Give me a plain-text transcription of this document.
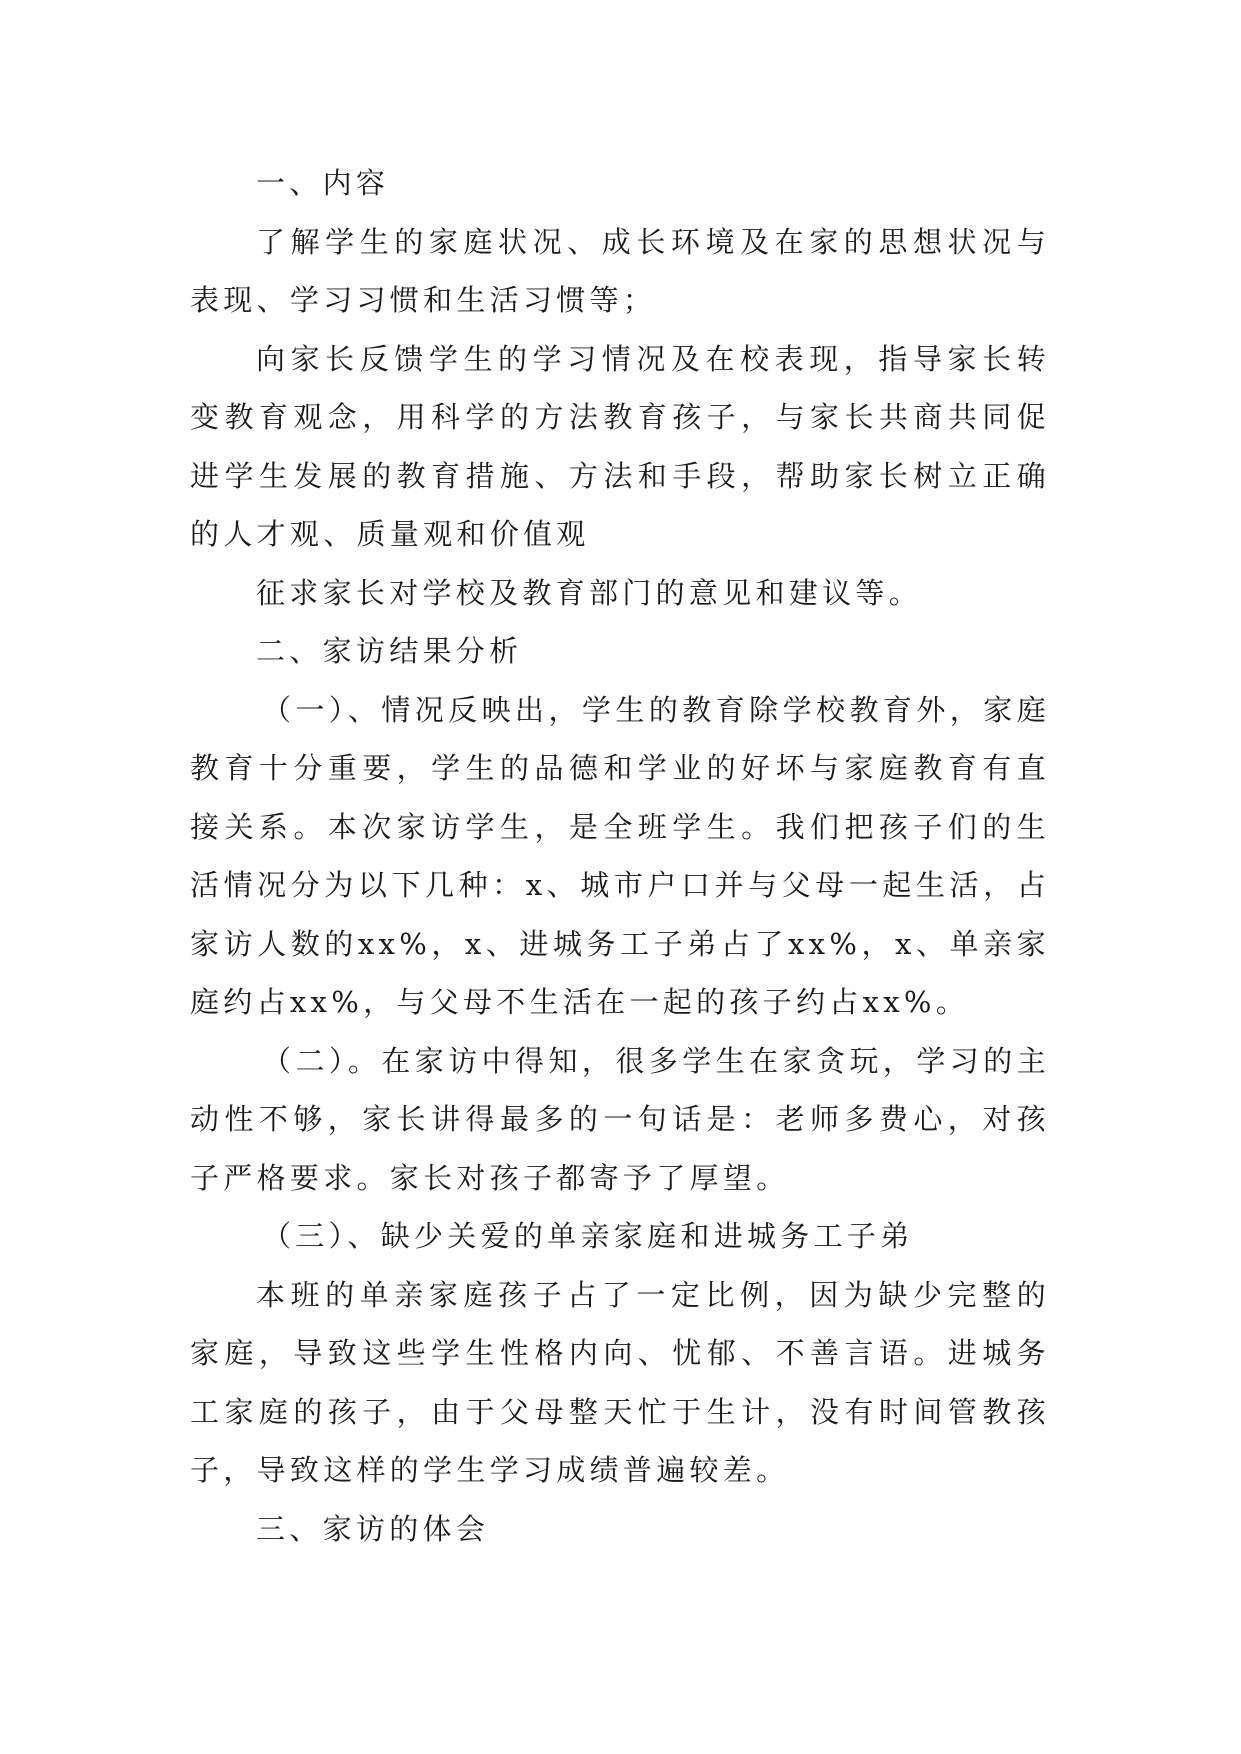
一、内容

了解学生的家庭状况、成长环境及在家的思想状况与表现、学习习惯和生活习惯等；

向家长反馈学生的学习情况及在校表现，指导家长转变教育观念，用科学的方法教育孩子，与家长共商共同促进学生发展的教育措施、方法和手段，帮助家长树立正确的人才观、质量观和价值观

征求家长对学校及教育部门的意见和建议等。

二、家访结果分析

（一）、情况反映出，学生的教育除学校教育外，家庭教育十分重要，学生的品德和学业的好坏与家庭教育有直接关系。本次家访学生，是全班学生。我们把孩子们的生活情况分为以下几种：x、城市户口并与父母一起生活，占家访人数的xx%，x、进城务工子弟占了xx%，x、单亲家庭约占xx%，与父母不生活在一起的孩子约占xx%。

（二）。在家访中得知，很多学生在家贪玩，学习的主动性不够，家长讲得最多的一句话是：老师多费心，对孩子严格要求。家长对孩子都寄予了厚望。

（三）、缺少关爱的单亲家庭和进城务工子弟

本班的单亲家庭孩子占了一定比例，因为缺少完整的家庭，导致这些学生性格内向、忧郁、不善言语。进城务工家庭的孩子，由于父母整天忙于生计，没有时间管教孩子，导致这样的学生学习成绩普遍较差。

三、家访的体会
